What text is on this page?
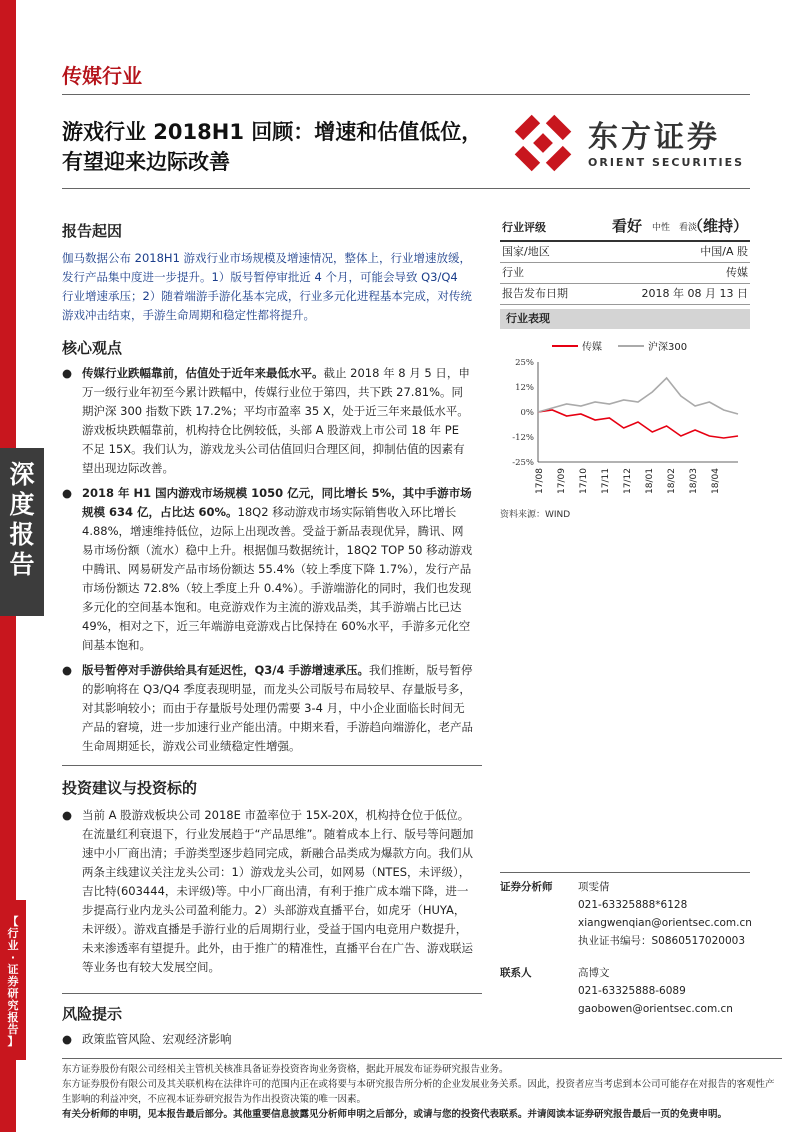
深
度
报
告
【
行
业
·
证
券
研
究
报
告
】
传媒行业
游戏行业 2018H1 回顾：增速和估值低位，有望迎来边际改善
东方证券
ORIENT SECURITIES
报告起因
伽马数据公布 2018H1 游戏行业市场规模及增速情况，整体上，行业增速放缓，发行产品集中度进一步提升。1）版号暂停审批近 4 个月，可能会导致 Q3/Q4 行业增速承压；2）随着端游手游化基本完成，行业多元化进程基本完成，对传统游戏冲击结束，手游生命周期和稳定性都将提升。
核心观点
● 传媒行业跌幅靠前，估值处于近年来最低水平。截止 2018 年 8 月 5 日，申万一级行业年初至今累计跌幅中，传媒行业位于第四，共下跌 27.81%。同期沪深 300 指数下跌 17.2%；平均市盈率 35 X，处于近三年来最低水平。游戏板块跌幅靠前，机构持仓比例较低，头部 A 股游戏上市公司 18 年 PE 不足 15X。我们认为，游戏龙头公司估值回归合理区间，抑制估值的因素有望出现边际改善。
● 2018 年 H1 国内游戏市场规模 1050 亿元，同比增长 5%，其中手游市场规模 634 亿，占比达 60%。18Q2 移动游戏市场实际销售收入环比增长 4.88%，增速维持低位，边际上出现改善。受益于新品表现优异，腾讯、网易市场份额（流水）稳中上升。根据伽马数据统计，18Q2 TOP 50 移动游戏中腾讯、网易研发产品市场份额达 55.4%（较上季度下降 1.7%），发行产品市场份额达 72.8%（较上季度上升 0.4%）。手游端游化的同时，我们也发现多元化的空间基本饱和。电竞游戏作为主流的游戏品类，其手游端占比已达 49%，相对之下，近三年端游电竞游戏占比保持在 60%水平，手游多元化空间基本饱和。
● 版号暂停对手游供给具有延迟性，Q3/4 手游增速承压。我们推断，版号暂停的影响将在 Q3/Q4 季度表现明显，而龙头公司版号布局较早、存量版号多，对其影响较小；而由于存量版号处理仍需要 3-4 月，中小企业面临长时间无产品的窘境，进一步加速行业产能出清。中期来看，手游趋向端游化，老产品生命周期延长，游戏公司业绩稳定性增强。
投资建议与投资标的
● 当前 A 股游戏板块公司 2018E 市盈率位于 15X-20X，机构持仓位于低位。在流量红利衰退下，行业发展趋于“产品思维”。随着成本上行、版号等问题加速中小厂商出清；手游类型逐步趋同完成，新融合品类成为爆款方向。我们从两条主线建议关注龙头公司：1）游戏龙头公司，如网易（NTES，未评级），吉比特(603444，未评级)等。中小厂商出清，有利于推广成本端下降，进一步提高行业内龙头公司盈利能力。2）头部游戏直播平台，如虎牙（HUYA，未评级）。游戏直播是手游行业的后周期行业，受益于国内电竞用户数提升，未来渗透率有望提升。此外，由于推广的精准性，直播平台在广告、游戏联运等业务也有较大发展空间。
风险提示
● 政策监管风险、宏观经济影响
行业评级	看好 中性　看淡
（维持）
国家/地区	中国/A 股
行业	传媒
报告发布日期	2018 年 08 月 13 日
行业表现
传媒	沪深300
25%
12%
0%
-12%
-25%
17/08 17/09 17/10 17/11 17/12 18/01 18/02 18/03 18/04
资料来源：WIND
证券分析师	项雯倩
021-63325888*6128
xiangwenqian@orientsec.com.cn
执业证书编号：S0860517020003
联系人	高博文
021-63325888-6089
gaobowen@orientsec.com.cn
东方证券股份有限公司经相关主管机关核准具备证券投资咨询业务资格，据此开展发布证券研究报告业务。
东方证券股份有限公司及其关联机构在法律许可的范围内正在或将要与本研究报告所分析的企业发展业务关系。因此，投资者应当考虑到本公司可能存在对报告的客观性产生影响的利益冲突，不应视本证券研究报告为作出投资决策的唯一因素。
有关分析师的申明，见本报告最后部分。其他重要信息披露见分析师申明之后部分，或请与您的投资代表联系。并请阅读本证券研究报告最后一页的免责申明。
